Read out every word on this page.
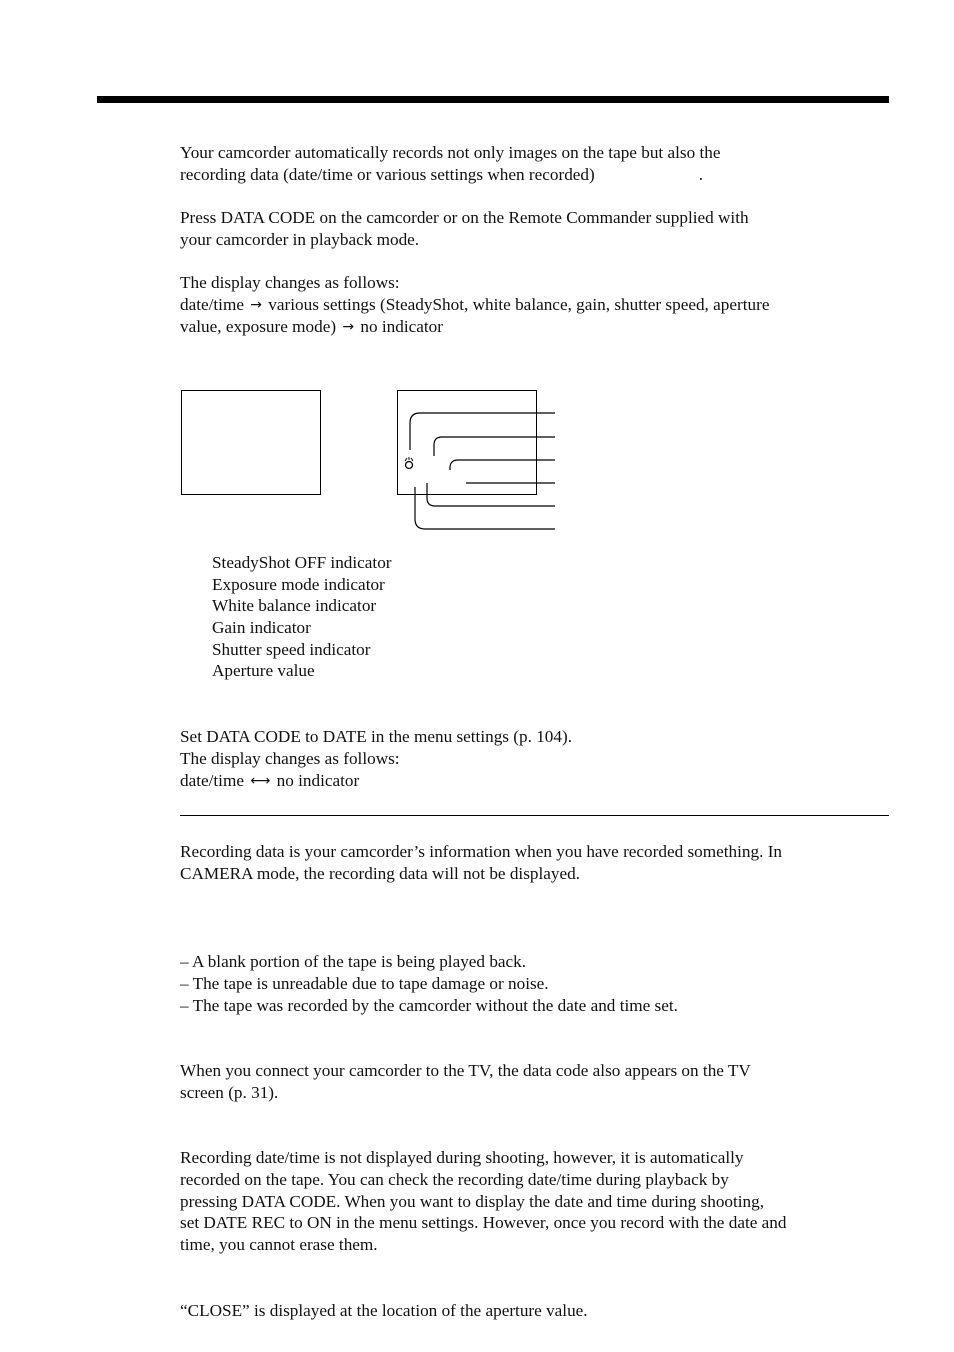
Your camcorder automatically records not only images on the tape but also the
recording data (date/time or various settings when recorded)	.

Press DATA CODE on the camcorder or on the Remote Commander supplied with
your camcorder in playback mode.

The display changes as follows:
date/time → various settings (SteadyShot, white balance, gain, shutter speed, aperture
value, exposure mode) → no indicator

SteadyShot OFF indicator
Exposure mode indicator
White balance indicator
Gain indicator
Shutter speed indicator
Aperture value

Set DATA CODE to DATE in the menu settings (p. 104).
The display changes as follows:
date/time ⟷ no indicator

Recording data is your camcorder’s information when you have recorded something. In
CAMERA mode, the recording data will not be displayed.

– A blank portion of the tape is being played back.
– The tape is unreadable due to tape damage or noise.
– The tape was recorded by the camcorder without the date and time set.

When you connect your camcorder to the TV, the data code also appears on the TV
screen (p. 31).

Recording date/time is not displayed during shooting, however, it is automatically
recorded on the tape. You can check the recording date/time during playback by
pressing DATA CODE. When you want to display the date and time during shooting,
set DATE REC to ON in the menu settings. However, once you record with the date and
time, you cannot erase them.

“CLOSE” is displayed at the location of the aperture value.
